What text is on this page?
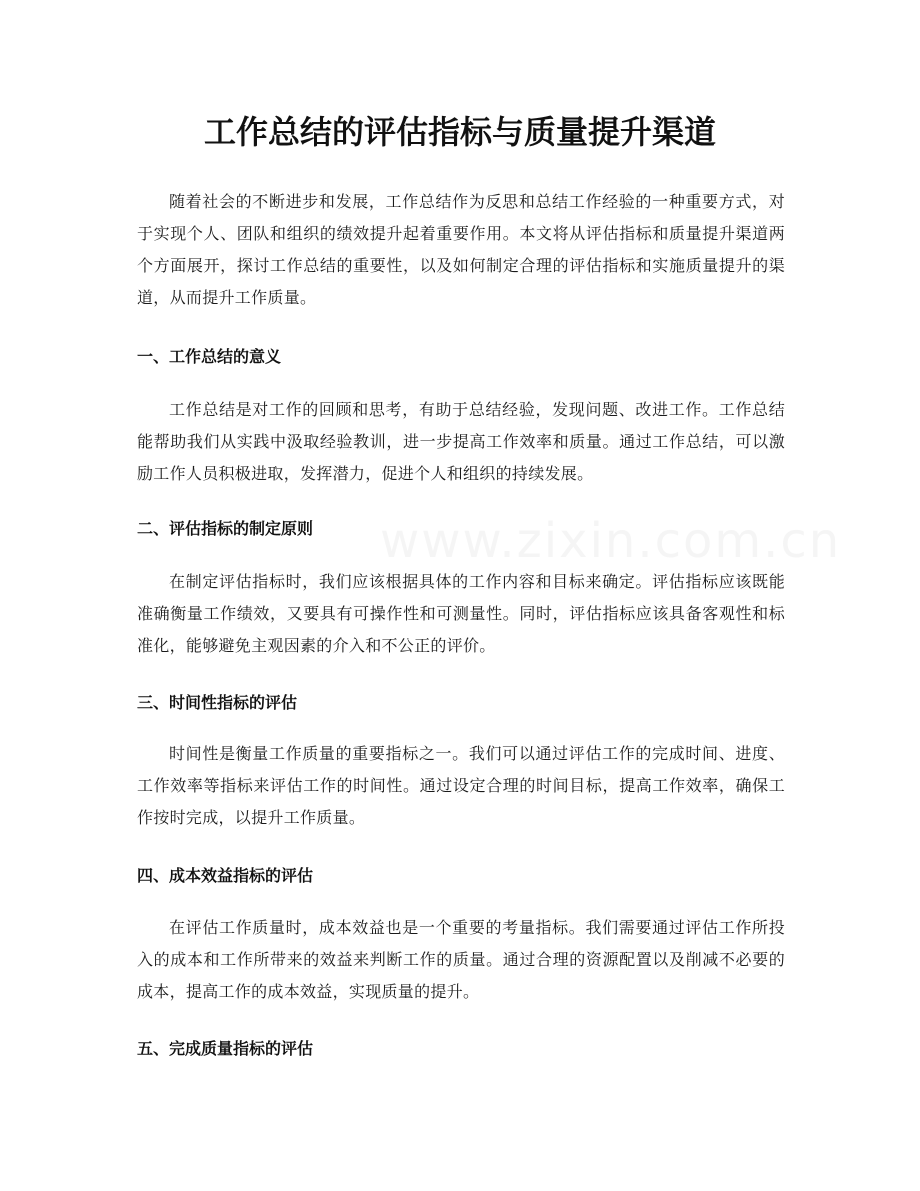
www.zixin.com.cn
工作总结的评估指标与质量提升渠道

随着社会的不断进步和发展，工作总结作为反思和总结工作经验的一种重要方式，对于实现个人、团队和组织的绩效提升起着重要作用。本文将从评估指标和质量提升渠道两个方面展开，探讨工作总结的重要性，以及如何制定合理的评估指标和实施质量提升的渠道，从而提升工作质量。

一、工作总结的意义

工作总结是对工作的回顾和思考，有助于总结经验，发现问题、改进工作。工作总结能帮助我们从实践中汲取经验教训，进一步提高工作效率和质量。通过工作总结，可以激励工作人员积极进取，发挥潜力，促进个人和组织的持续发展。

二、评估指标的制定原则

在制定评估指标时，我们应该根据具体的工作内容和目标来确定。评估指标应该既能准确衡量工作绩效，又要具有可操作性和可测量性。同时，评估指标应该具备客观性和标准化，能够避免主观因素的介入和不公正的评价。

三、时间性指标的评估

时间性是衡量工作质量的重要指标之一。我们可以通过评估工作的完成时间、进度、工作效率等指标来评估工作的时间性。通过设定合理的时间目标，提高工作效率，确保工作按时完成，以提升工作质量。

四、成本效益指标的评估

在评估工作质量时，成本效益也是一个重要的考量指标。我们需要通过评估工作所投入的成本和工作所带来的效益来判断工作的质量。通过合理的资源配置以及削减不必要的成本，提高工作的成本效益，实现质量的提升。

五、完成质量指标的评估
